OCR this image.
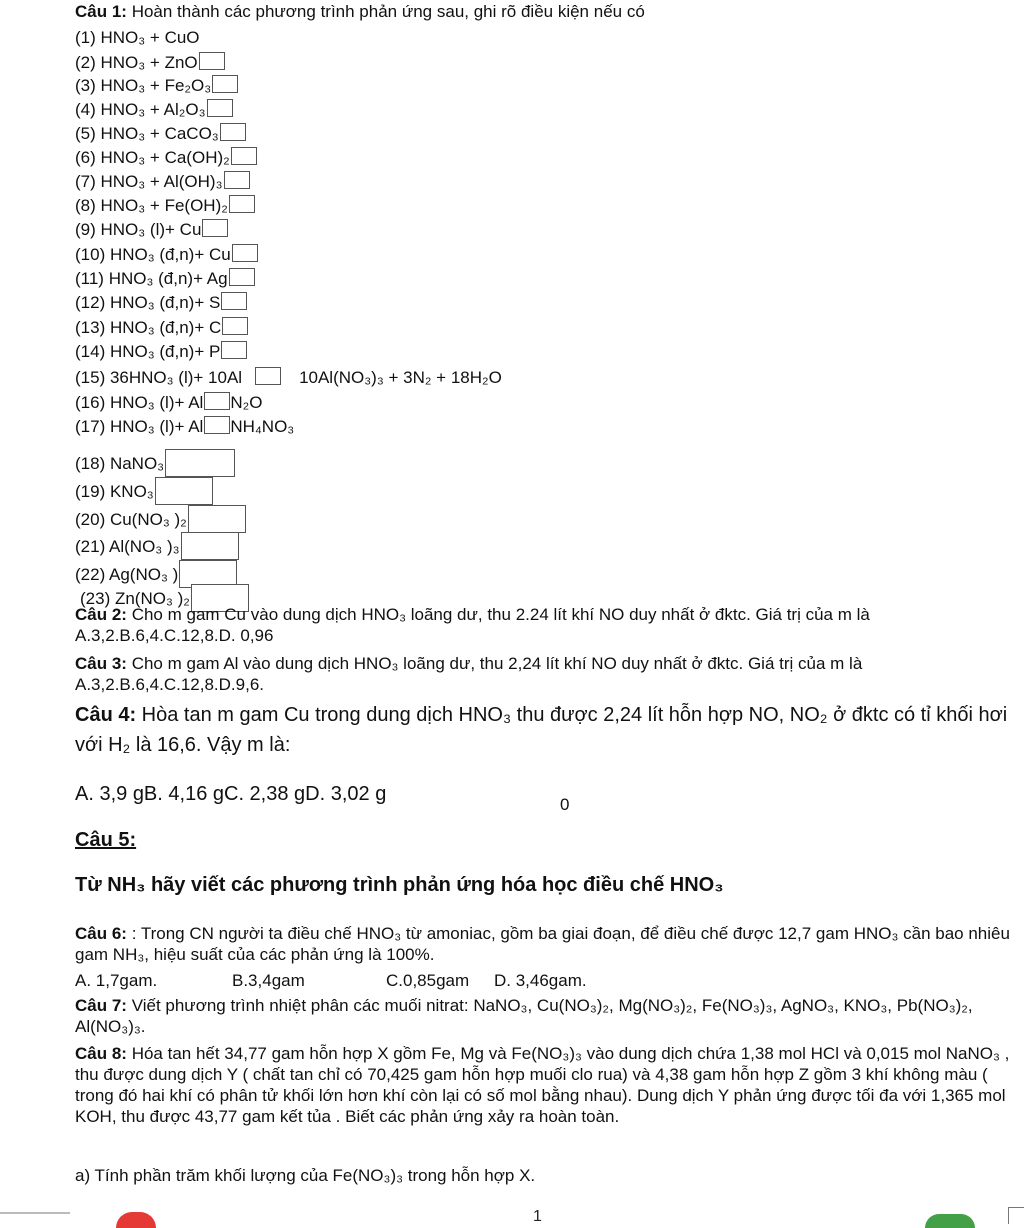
Câu 1: Hoàn thành các phương trình phản ứng sau, ghi rõ điều kiện nếu có
(1) HNO₃ + CuO
(2) HNO₃ + ZnO
(3) HNO₃ + Fe₂O₃
(4) HNO₃ + Al₂O₃
(5) HNO₃ + CaCO₃
(6) HNO₃ + Ca(OH)₂
(7) HNO₃ + Al(OH)₃
(8) HNO₃ + Fe(OH)₂
(9) HNO₃ (l)+ Cu
(10) HNO₃ (đ,n)+ Cu
(11) HNO₃ (đ,n)+ Ag
(12) HNO₃ (đ,n)+ S
(13) HNO₃ (đ,n)+ C
(14) HNO₃ (đ,n)+ P
(15) 36HNO₃ (l)+ 10Al	10Al(NO₃)₃ + 3N₂ + 18H₂O
(16) HNO₃ (l)+ Al N₂O
(17) HNO₃ (l)+ Al NH₄NO₃
(18) NaNO₃
(19) KNO₃
(20) Cu(NO₃ )₂
(21) Al(NO₃ )₃
(22) Ag(NO₃ )
(23) Zn(NO₃ )₂
Câu 2: Cho m gam Cu vào dung dịch HNO₃ loãng dư, thu 2.24 lít khí NO duy nhất ở đktc. Giá trị của m là A.3,2.B.6,4.C.12,8.D. 0,96
Câu 3: Cho m gam Al vào dung dịch HNO₃ loãng dư, thu 2,24 lít khí NO duy nhất ở đktc. Giá trị của m là A.3,2.B.6,4.C.12,8.D.9,6.
Câu 4: Hòa tan m gam Cu trong dung dịch HNO₃ thu được 2,24 lít hỗn hợp NO, NO₂ ở đktc có tỉ khối hơi với H₂ là 16,6. Vậy m là:
A. 3,9 gB. 4,16 gC. 2,38 gD. 3,02 g	0
Câu 5:
Từ NH₃ hãy viết các phương trình phản ứng hóa học điều chế HNO₃
Câu 6: : Trong CN người ta điều chế HNO₃ từ amoniac, gồm ba giai đoạn, để điều chế được 12,7 gam HNO₃ cần bao nhiêu gam NH₃, hiệu suất của các phản ứng là 100%.
A. 1,7gam.	B.3,4gam	C.0,85gam D. 3,46gam.
Câu 7: Viết phương trình nhiệt phân các muối nitrat: NaNO₃, Cu(NO₃)₂, Mg(NO₃)₂, Fe(NO₃)₃, AgNO₃, KNO₃, Pb(NO₃)₂, Al(NO₃)₃.
Câu 8: Hóa tan hết 34,77 gam hỗn hợp X gồm Fe, Mg và Fe(NO₃)₃ vào dung dịch chứa 1,38 mol HCl và 0,015 mol NaNO₃ , thu được dung dịch Y ( chất tan chỉ có 70,425 gam hỗn hợp muối clo rua) và 4,38 gam hỗn hợp Z gồm 3 khí không màu ( trong đó hai khí có phân tử khối lớn hơn khí còn lại có số mol bằng nhau). Dung dịch Y phản ứng được tối đa với 1,365 mol KOH, thu được 43,77 gam kết tủa . Biết các phản ứng xảy ra hoàn toàn.
a) Tính phần trăm khối lượng của Fe(NO₃)₃ trong hỗn hợp X.
1
